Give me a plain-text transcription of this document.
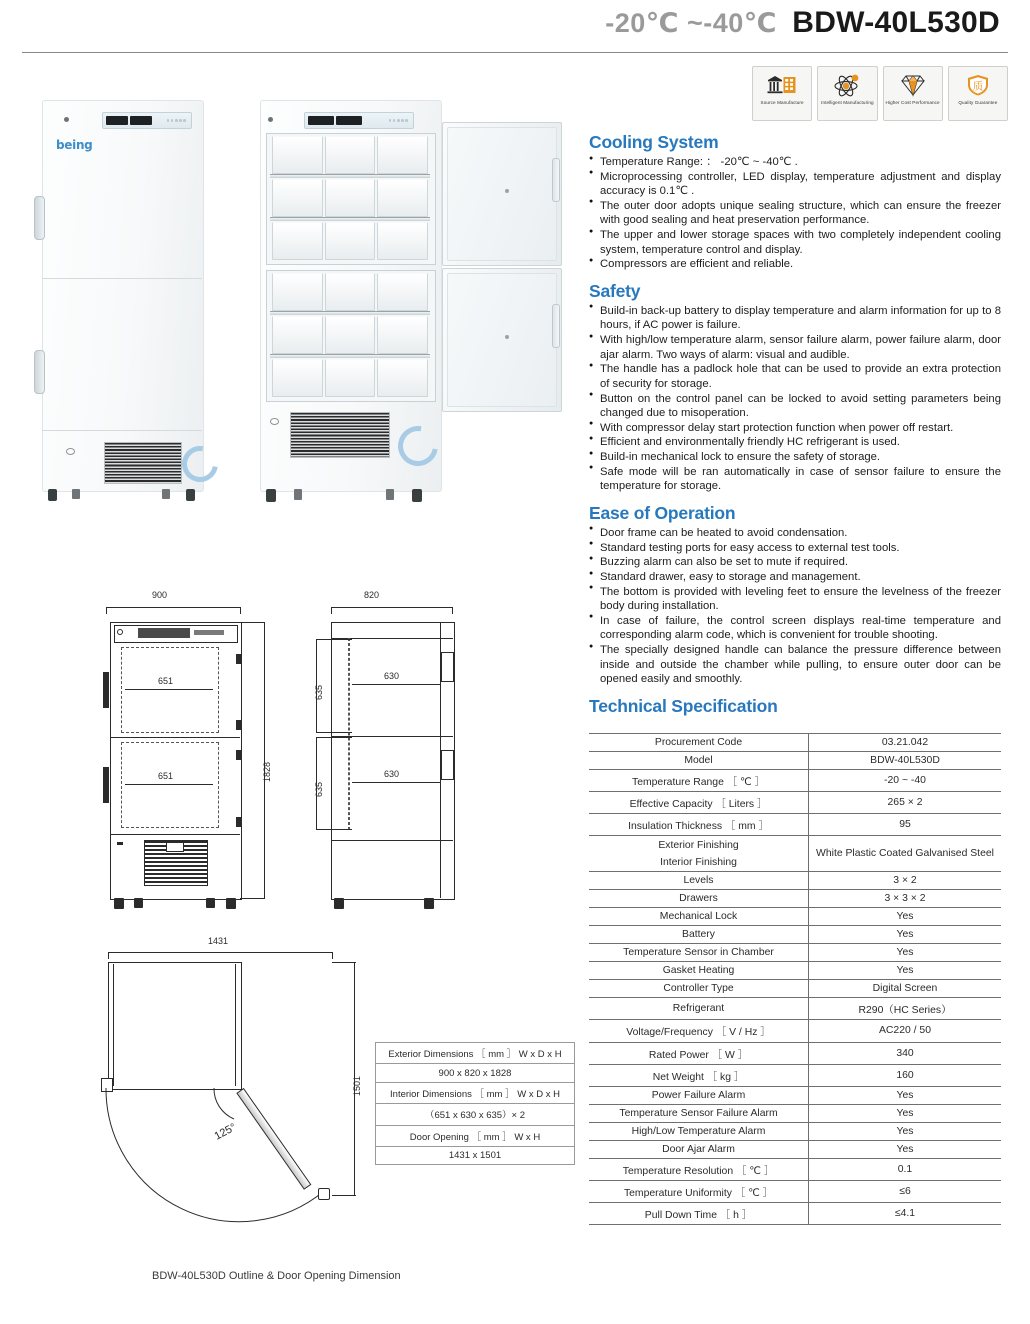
-20℃ ~-40℃ BDW-40L530D
Source Manufacture	Intelligent Manufacturing	Higher Cost Performance
质
Quality Guarantee
being
900
1828
651
651
820
635
630
635
630
1431
1501
125°
Exterior Dimensions ［ mm ］ W x D x H
900 x 820 x 1828
Interior Dimensions ［ mm ］ W x D x H
（651 x 630 x 635）× 2
Door Opening ［ mm ］ W x H
1431 x 1501
BDW-40L530D Outline & Door Opening Dimension
Cooling System
● Temperature Range: ： -20℃ ~ -40℃ .
● Microprocessing controller, LED display, temperature adjustment and display accuracy is 0.1℃ .
● The outer door adopts unique sealing structure, which can ensure the freezer with good sealing and heat preservation performance.
● The upper and lower storage spaces with two completely independent cooling system, temperature control and display.
● Compressors are efficient and reliable.
Safety
● Build-in back-up battery to display temperature and alarm information for up to 8 hours, if AC power is failure.
● With high/low temperature alarm, sensor failure alarm, power failure alarm, door ajar alarm. Two ways of alarm: visual and audible.
● The handle has a padlock hole that can be used to provide an extra protection of security for storage.
● Button on the control panel can be locked to avoid setting parameters being changed due to misoperation.
● With compressor delay start protection function when power off restart.
● Efficient and environmentally friendly HC refrigerant is used.
● Build-in mechanical lock to ensure the safety of storage.
● Safe mode will be ran automatically in case of sensor failure to ensure the temperature for storage.
Ease of Operation
● Door frame can be heated to avoid condensation.
● Standard testing ports for easy access to external test tools.
● Buzzing alarm can also be set to mute if required.
● Standard drawer, easy to storage and management.
● The bottom is provided with leveling feet to ensure the levelness of the freezer body during installation.
● In case of failure, the control screen displays real-time temperature and corresponding alarm code, which is convenient for trouble shooting.
● The specially designed handle can balance the pressure difference between inside and outside the chamber while pulling, to ensure outer door can be opened easily and smoothly.
Technical Specification
Procurement Code	03.21.042
Model	BDW-40L530D
Temperature Range ［ ℃ ］	-20 ~ -40
Effective Capacity ［ Liters ］	265 × 2
Insulation Thickness ［ mm ］	95
Exterior Finishing	White Plastic Coated Galvanised Steel
Interior Finishing	
Levels	3 × 2
Drawers	3 × 3 × 2
Mechanical Lock	Yes
Battery	Yes
Temperature Sensor in Chamber	Yes
Gasket Heating	Yes
Controller Type	Digital Screen
Refrigerant	R290（HC Series）
Voltage/Frequency ［ V / Hz ］	AC220 / 50
Rated Power ［ W ］	340
Net Weight ［ kg ］	160
Power Failure Alarm	Yes
Temperature Sensor Failure Alarm	Yes
High/Low Temperature Alarm	Yes
Door Ajar Alarm	Yes
Temperature Resolution ［ ℃ ］	0.1
Temperature Uniformity ［ ℃ ］	≤6
Pull Down Time ［ h ］	≤4.1
